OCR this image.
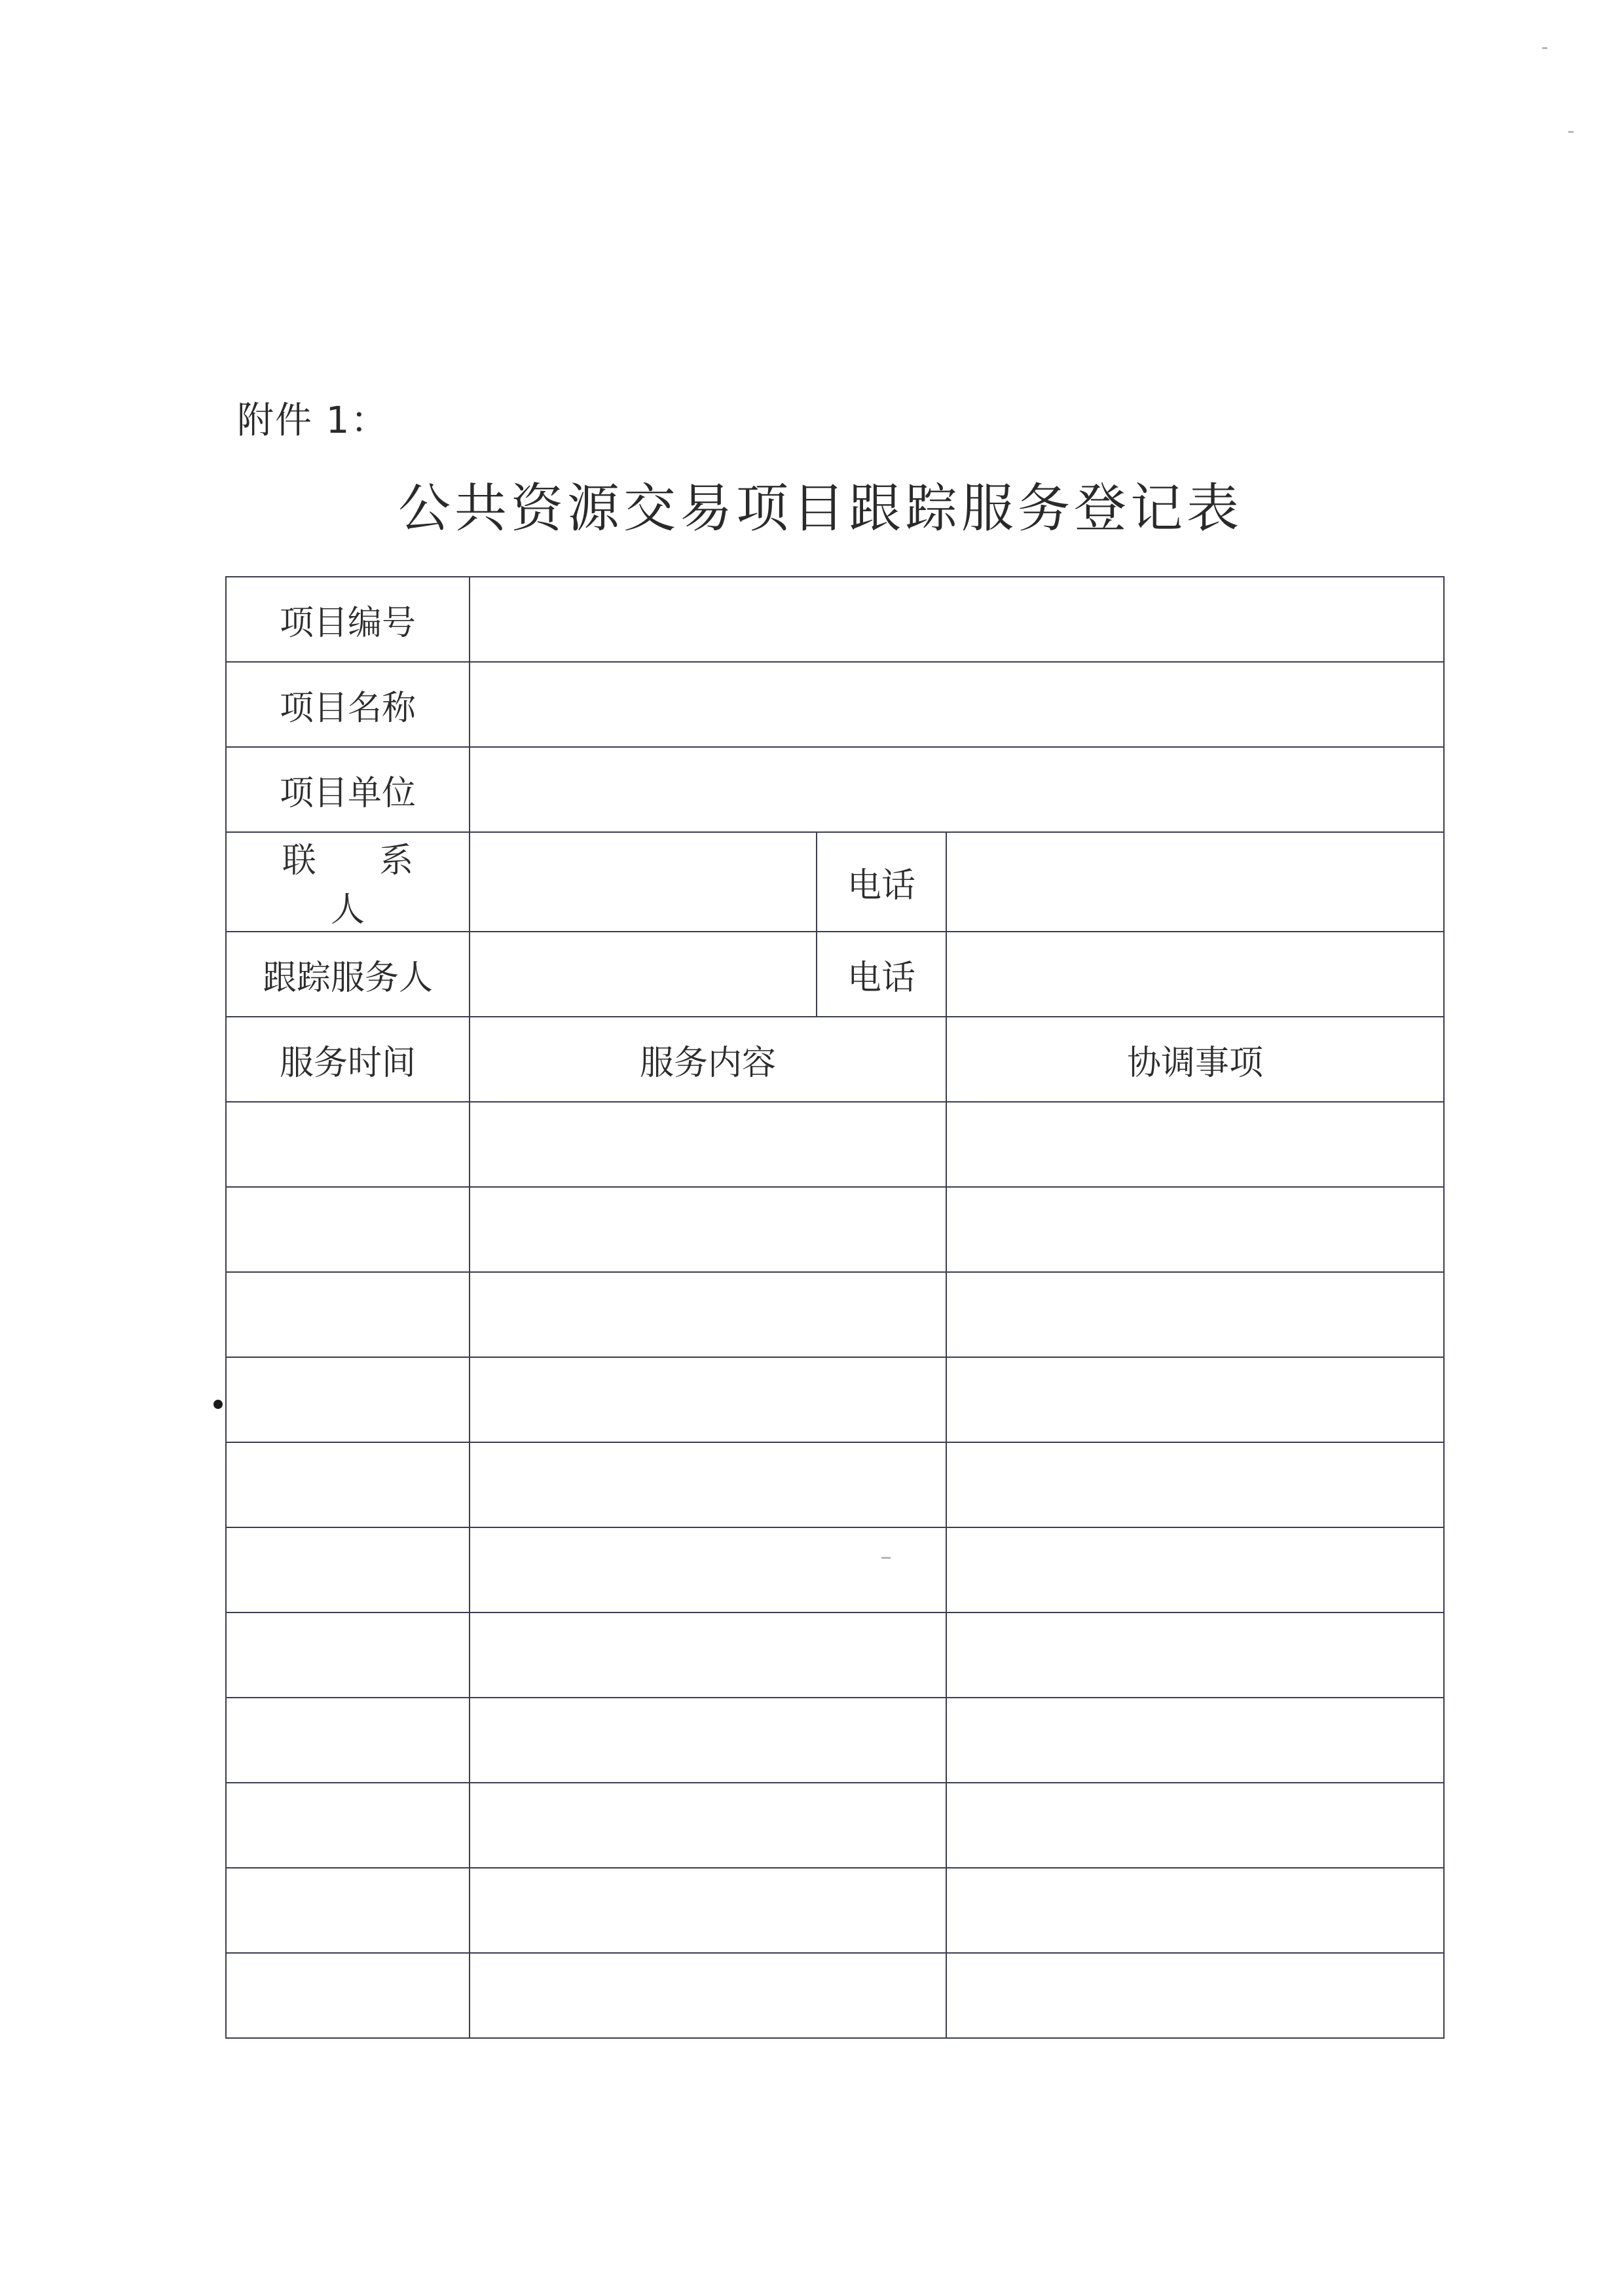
附件 1：
公共资源交易项目跟踪服务登记表
项目编号			
项目名称			
项目单位			
联 系 人		电话	
跟踪服务人		电话	
服务时间	服务内容		协调事项
